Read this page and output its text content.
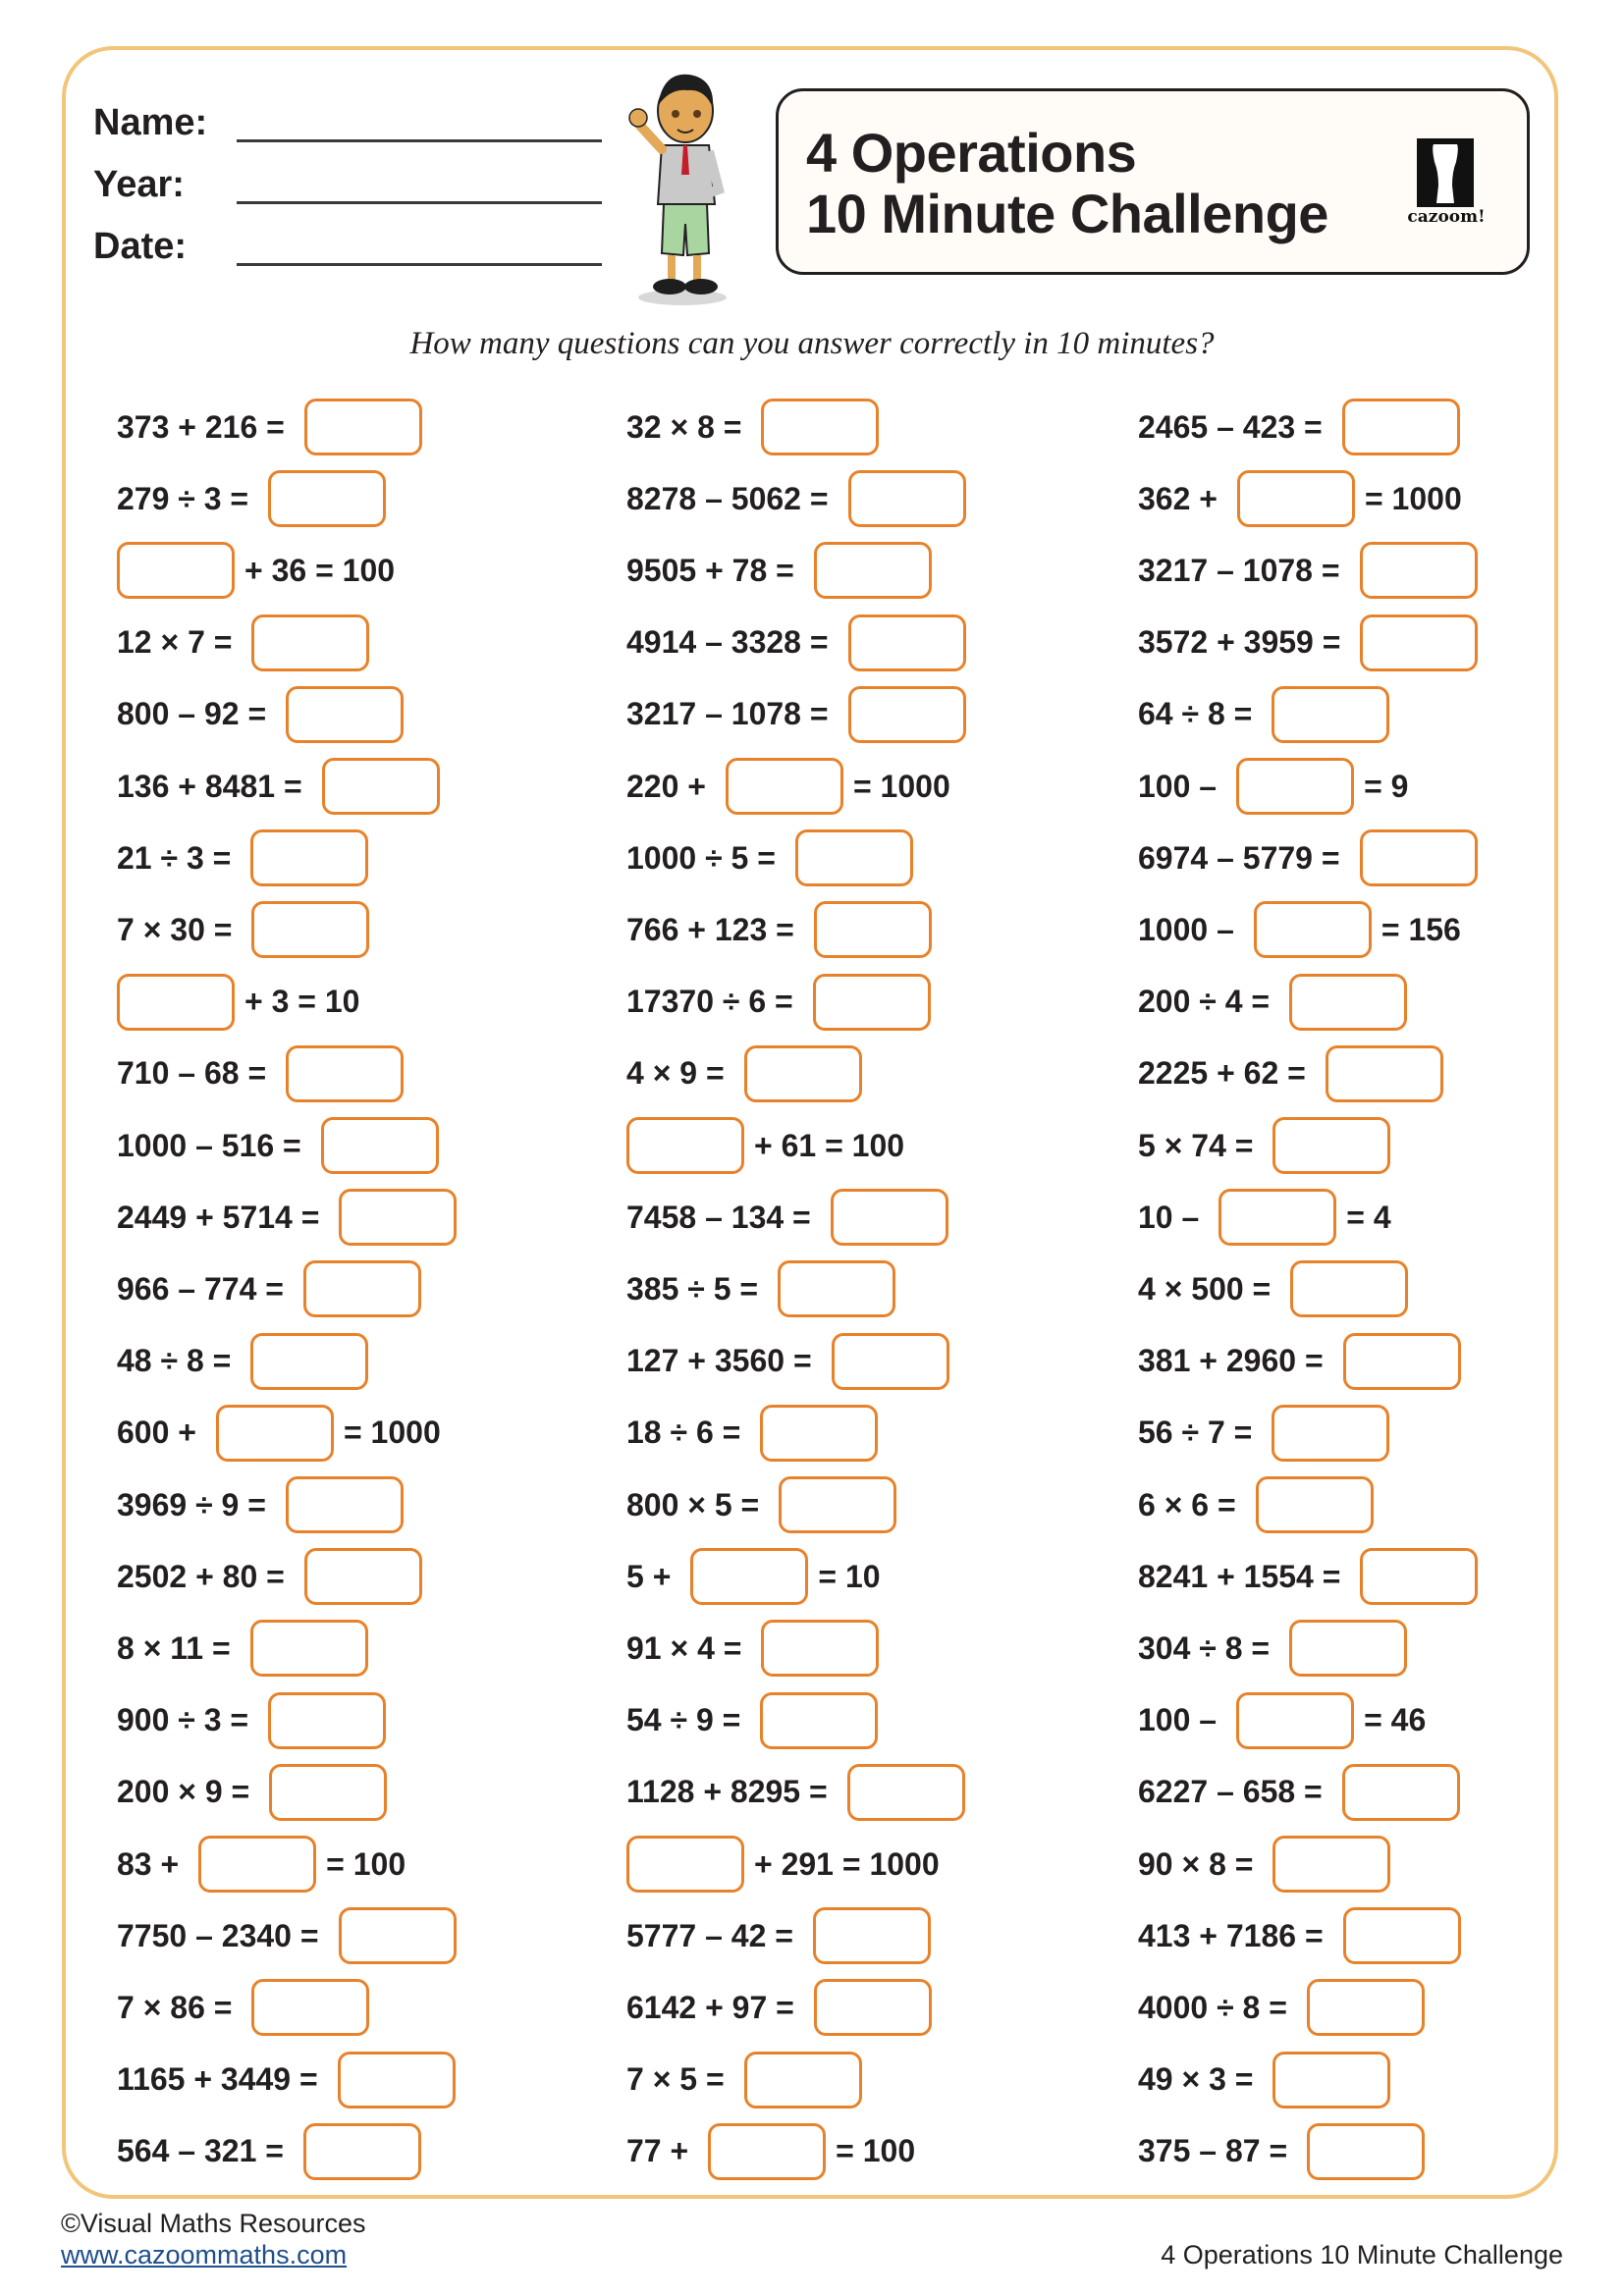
Name:
Year:
Date:
4 Operations
10 Minute Challenge	cazoom!
How many questions can you answer correctly in 10 minutes?
373 + 216 =
279 ÷ 3 =
+ 36 = 100
12 × 7 =
800 – 92 =
136 + 8481 =
21 ÷ 3 =
7 × 30 =
+ 3 = 10
710 – 68 =
1000 – 516 =
2449 + 5714 =
966 – 774 =
48 ÷ 8 =
600 +	= 1000
3969 ÷ 9 =
2502 + 80 =
8 × 11 =
900 ÷ 3 =
200 × 9 =
83 +	= 100
7750 – 2340 =
7 × 86 =
1165 + 3449 =
564 – 321 =
32 × 8 =
8278 – 5062 =
9505 + 78 =
4914 – 3328 =
3217 – 1078 =
220 +	= 1000
1000 ÷ 5 =
766 + 123 =
17370 ÷ 6 =
4 × 9 =
+ 61 = 100
7458 – 134 =
385 ÷ 5 =
127 + 3560 =
18 ÷ 6 =
800 × 5 =
5 +	= 10
91 × 4 =
54 ÷ 9 =
1128 + 8295 =
+ 291 = 1000
5777 – 42 =
6142 + 97 =
7 × 5 =
77 +	= 100
2465 – 423 =
362 +	= 1000
3217 – 1078 =
3572 + 3959 =
64 ÷ 8 =
100 –	= 9
6974 – 5779 =
1000 –	= 156
200 ÷ 4 =
2225 + 62 =
5 × 74 =
10 –	= 4
4 × 500 =
381 + 2960 =
56 ÷ 7 =
6 × 6 =
8241 + 1554 =
304 ÷ 8 =
100 –	= 46
6227 – 658 =
90 × 8 =
413 + 7186 =
4000 ÷ 8 =
49 × 3 =
375 – 87 =
©Visual Maths Resources
www.cazoommaths.com	4 Operations 10 Minute Challenge
